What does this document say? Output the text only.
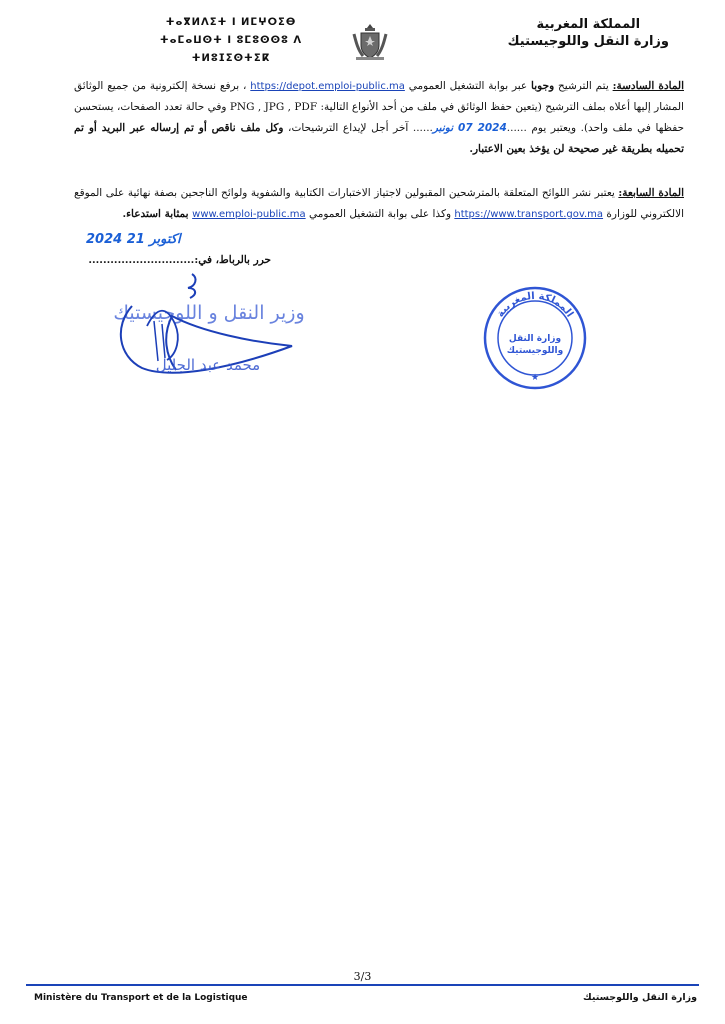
ⵜⴰⴳⵍⴷⵉⵜ ⵏ ⵍⵎⵖⵔⵉⴱ
ⵜⴰⵎⴰⵡⵙⵜ ⵏ ⵓⵎⵓⵙⵙⵓ ⴷ ⵜⵍⵓⵊⵉⵙⵜⵉⴽ
المملكة المغربية
وزارة النقل واللوجيستيك
المادة السادسة: يتم الترشيح وجوبا عبر بوابة التشغيل العمومي https://depot.emploi-public.ma ، برفع نسخة إلكترونية من جميع الوثائق المشار إليها أعلاه بملف الترشيح (يتعين حفظ الوثائق في ملف من أحد الأنواع التالية: PNG , JPG , PDF وفي حالة تعدد الصفحات، يستحسن حفظها في ملف واحد). ويعتبر يوم ......2024 07 نونبر...... آخر أجل لإيداع الترشيحات، وكل ملف ناقص أو تم إرساله عبر البريد أو تم تحميله بطريقة غير صحيحة لن يؤخذ بعين الاعتبار.
المادة السابعة: يعتبر نشر اللوائح المتعلقة بالمترشحين المقبولين لاجتياز الاختبارات الكتابية والشفوية ولوائح الناجحين بصفة نهائية على الموقع الالكتروني للوزارة https://www.transport.gov.ma وكذا على بوابة التشغيل العمومي www.emploi-public.ma بمثابة استدعاء.
2024 21 اكتوبر
حرر بالرباط، في:.............................
وزير النقل و اللوجيستيك
محمد عبد الجليل
المملكة المغربية
وزارة النقل
واللوجيستيك
★
3/3
Ministère du Transport et de la Logistique	وزارة النقل واللوجستيك
